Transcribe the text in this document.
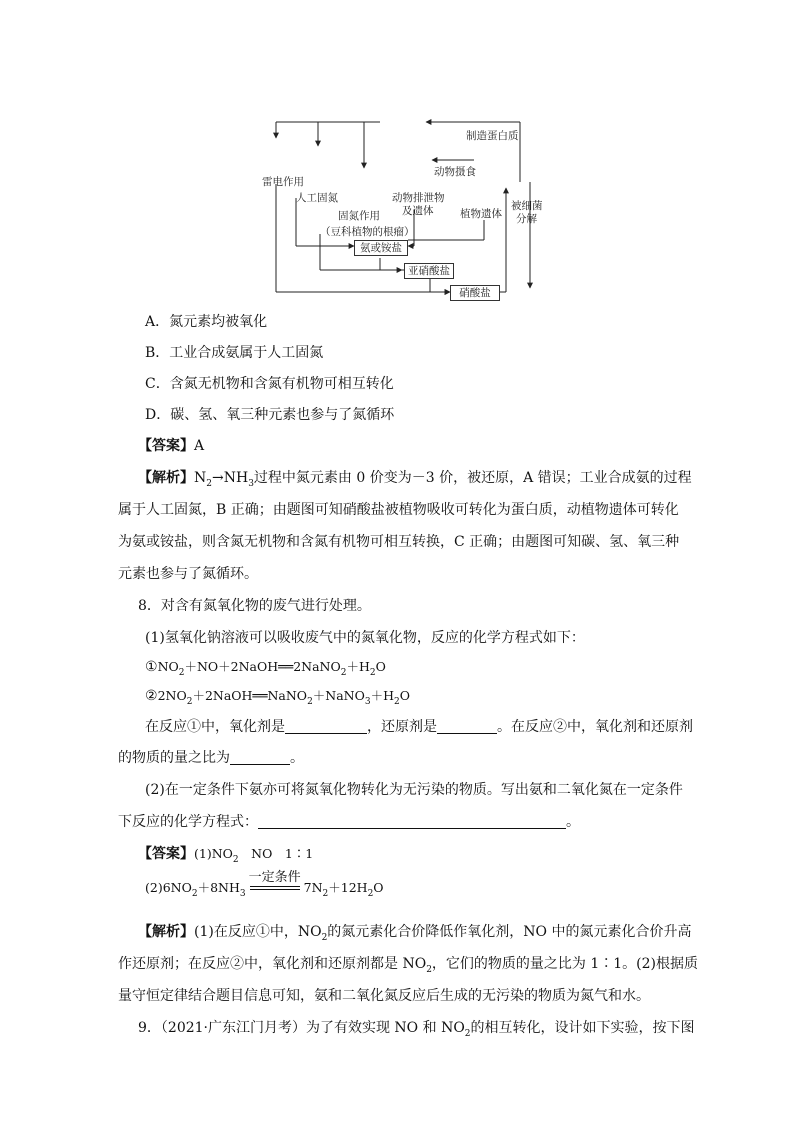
制造蛋白质
动物摄食
雷电作用
人工固氮
固氮作用
（豆科植物的根瘤）
动物排泄物
及遗体	植物遗体
被细菌
分解
氨或铵盐
亚硝酸盐
硝酸盐
A．氮元素均被氧化
B．工业合成氨属于人工固氮
C．含氮无机物和含氮有机物可相互转化
D．碳、氢、氧三种元素也参与了氮循环
【答案】A
【解析】$N_2\to NH_3$过程中氮元素由 0 价变为－3 价，被还原，A 错误；工业合成氨的过程
属于人工固氮，B 正确；由题图可知硝酸盐被植物吸收可转化为蛋白质，动植物遗体可转化
为氨或铵盐，则含氮无机物和含氮有机物可相互转换，C 正确；由题图可知碳、氢、氧三种
元素也参与了氮循环。
8．对含有氮氧化物的废气进行处理。
(1)氢氧化钠溶液可以吸收废气中的氮氧化物，反应的化学方程式如下：
$①NO_2+NO+2NaOH══2NaNO_2+H_2O$
$②2NO_2+2NaOH══NaNO_2+NaNO_3+H_2O$
在反应①中，氧化剂是	，还原剂是	。在反应②中，氧化剂和还原剂
的物质的量之比为	。
(2)在一定条件下氨亦可将氮氧化物转化为无污染的物质。写出氨和二氧化氮在一定条件
下反应的化学方程式：	。
【答案】$(1)NO_2$　NO　1∶1
$(2)6NO_2+8NH_3$
一定条件
$7N_2+12H_2O$
【解析】(1)在反应①中，$NO_2$的氮元素化合价降低作氧化剂，NO 中的氮元素化合价升高
作还原剂；在反应②中，氧化剂和还原剂都是 $NO_2$，它们的物质的量之比为 1∶1。(2)根据质
量守恒定律结合题目信息可知，氨和二氧化氮反应后生成的无污染的物质为氮气和水。
9．（2021·广东江门月考）为了有效实现 NO 和 $NO_2$的相互转化，设计如下实验，按下图
